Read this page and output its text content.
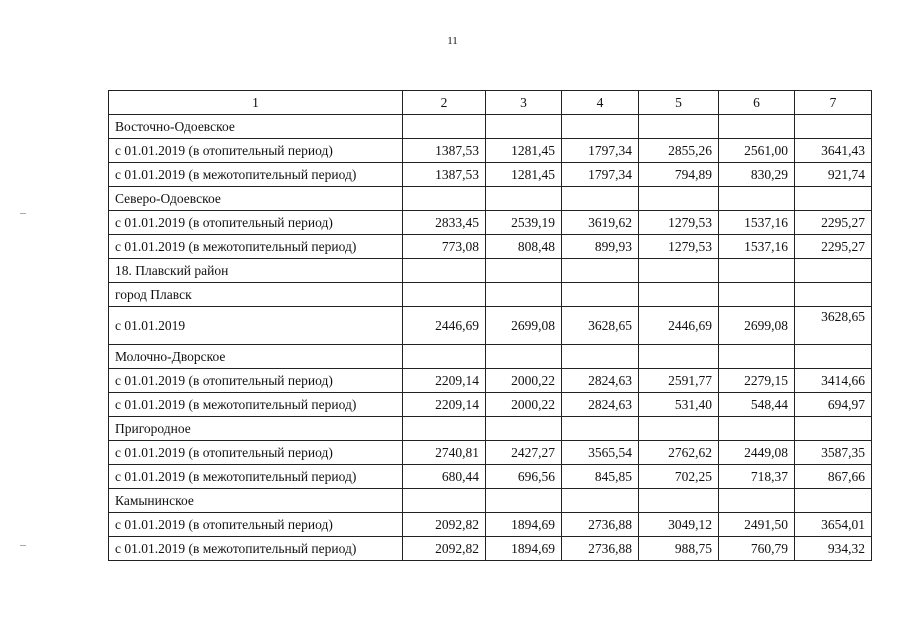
11
1	2	3	4	5	6	7
Восточно-Одоевское						
с 01.01.2019 (в отопительный период)	1387,53	1281,45	1797,34	2855,26	2561,00	3641,43
с 01.01.2019 (в межотопительный период)	1387,53	1281,45	1797,34	794,89	830,29	921,74
Северо-Одоевское						
с 01.01.2019 (в отопительный период)	2833,45	2539,19	3619,62	1279,53	1537,16	2295,27
с 01.01.2019 (в межотопительный период)	773,08	808,48	899,93	1279,53	1537,16	2295,27
18. Плавский район						
город Плавск						
с 01.01.2019	2446,69	2699,08	3628,65	2446,69	2699,08	3628,65
Молочно-Дворское						
с 01.01.2019 (в отопительный период)	2209,14	2000,22	2824,63	2591,77	2279,15	3414,66
с 01.01.2019 (в межотопительный период)	2209,14	2000,22	2824,63	531,40	548,44	694,97
Пригородное						
с 01.01.2019 (в отопительный период)	2740,81	2427,27	3565,54	2762,62	2449,08	3587,35
с 01.01.2019 (в межотопительный период)	680,44	696,56	845,85	702,25	718,37	867,66
Камынинское						
с 01.01.2019 (в отопительный период)	2092,82	1894,69	2736,88	3049,12	2491,50	3654,01
с 01.01.2019 (в межотопительный период)	2092,82	1894,69	2736,88	988,75	760,79	934,32
